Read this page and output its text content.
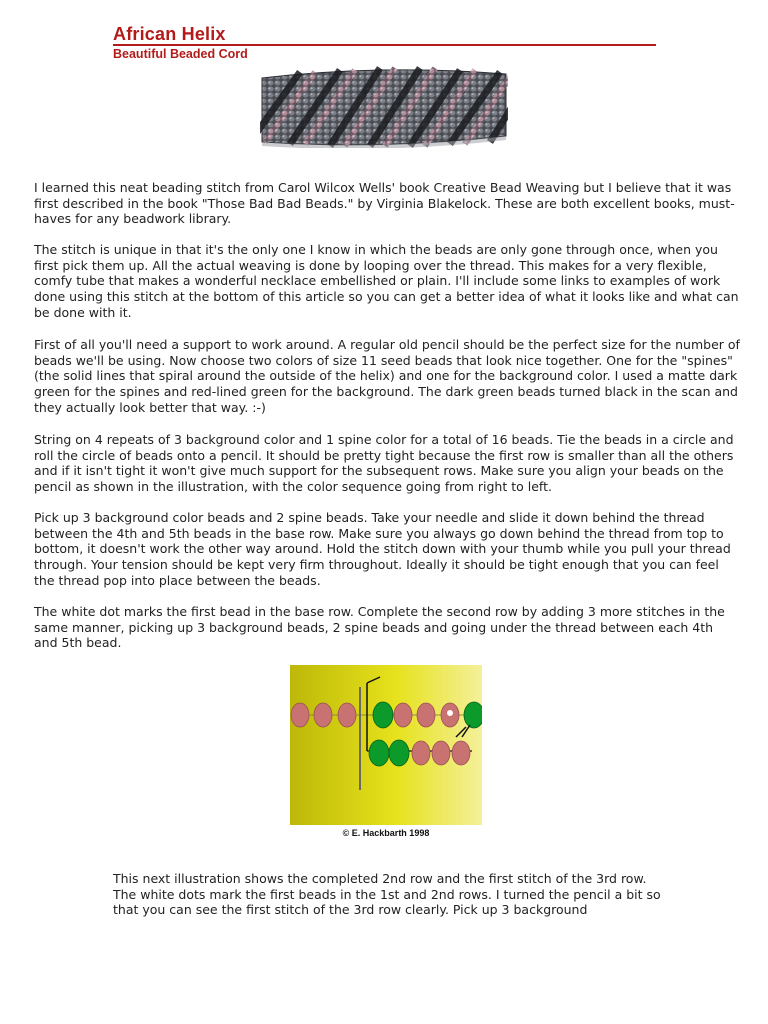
African Helix
Beautiful Beaded Cord

I learned this neat beading stitch from Carol Wilcox Wells' book Creative Bead Weaving but I believe that it was first described in the book "Those Bad Bad Beads." by Virginia Blakelock. These are both excellent books, must-haves for any beadwork library.

The stitch is unique in that it's the only one I know in which the beads are only gone through once, when you first pick them up. All the actual weaving is done by looping over the thread. This makes for a very flexible, comfy tube that makes a wonderful necklace embellished or plain. I'll include some links to examples of work done using this stitch at the bottom of this article so you can get a better idea of what it looks like and what can be done with it.

First of all you'll need a support to work around. A regular old pencil should be the perfect size for the number of beads we'll be using. Now choose two colors of size 11 seed beads that look nice together. One for the "spines" (the solid lines that spiral around the outside of the helix) and one for the background color. I used a matte dark green for the spines and red-lined green for the background. The dark green beads turned black in the scan and they actually look better that way. :-)

String on 4 repeats of 3 background color and 1 spine color for a total of 16 beads. Tie the beads in a circle and roll the circle of beads onto a pencil. It should be pretty tight because the first row is smaller than all the others and if it isn't tight it won't give much support for the subsequent rows. Make sure you align your beads on the pencil as shown in the illustration, with the color sequence going from right to left.

Pick up 3 background color beads and 2 spine beads. Take your needle and slide it down behind the thread between the 4th and 5th beads in the base row. Make sure you always go down behind the thread from top to bottom, it doesn't work the other way around. Hold the stitch down with your thumb while you pull your thread through. Your tension should be kept very firm throughout. Ideally it should be tight enough that you can feel the thread pop into place between the beads.

The white dot marks the first bead in the base row. Complete the second row by adding 3 more stitches in the same manner, picking up 3 background beads, 2 spine beads and going under the thread between each 4th and 5th bead.

© E. Hackbarth 1998

This next illustration shows the completed 2nd row and the first stitch of the 3rd row. The white dots mark the first beads in the 1st and 2nd rows. I turned the pencil a bit so that you can see the first stitch of the 3rd row clearly. Pick up 3 background
